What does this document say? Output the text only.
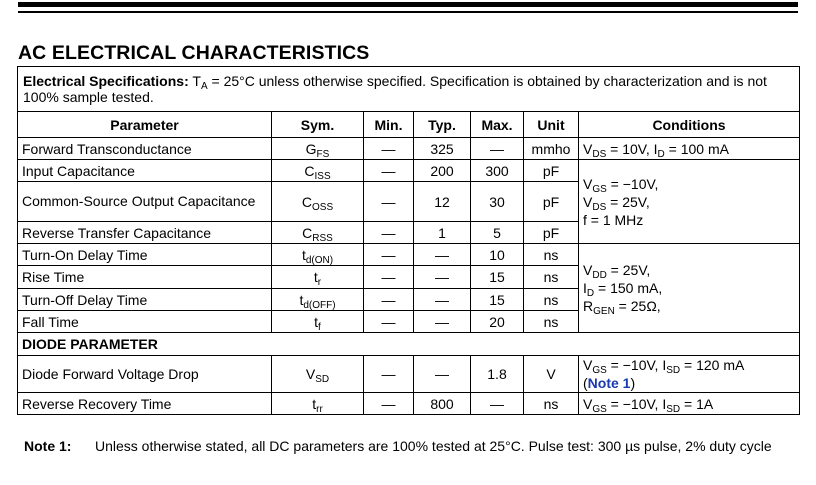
AC ELECTRICAL CHARACTERISTICS
Electrical Specifications: $T_A = 25^\circ C$ unless otherwise specified. Specification is obtained by characterization and is not 100% sample tested.						
Parameter	Sym.	Min.	Typ.	Max.	Unit	Conditions
Forward Transconductance	$G_{FS}$	—	325	—	mmho	$V_{DS} = 10V$, $I_D = 100$ mA
Input Capacitance	$C_{ISS}$	—	200	300	pF	$V_{GS} = -10V$,
$V_{DS} = 25V$,
f = 1 MHz
Common-Source Output Capacitance	$C_{OSS}$	—	12	30	pF	
Reverse Transfer Capacitance	$C_{RSS}$	—	1	5	pF	
Turn-On Delay Time	$t_{d(ON)}$	—	—	10	ns	$V_{DD} = 25V$,
$I_D = 150$ mA,
$R_{GEN} = 25\Omega$,
Rise Time	$t_r$	—	—	15	ns	
Turn-Off Delay Time	$t_{d(OFF)}$	—	—	15	ns	
Fall Time	$t_f$	—	—	20	ns	
DIODE PARAMETER						
Diode Forward Voltage Drop	$V_{SD}$	—	—	1.8	V	$V_{GS} = -10V$, $I_{SD} = 120$ mA
(Note 1)
Reverse Recovery Time	$t_{rr}$	—	800	—	ns	$V_{GS} = -10V$, $I_{SD} = 1A$
Note 1: Unless otherwise stated, all DC parameters are 100% tested at 25°C. Pulse test: 300 µs pulse, 2% duty cycle
